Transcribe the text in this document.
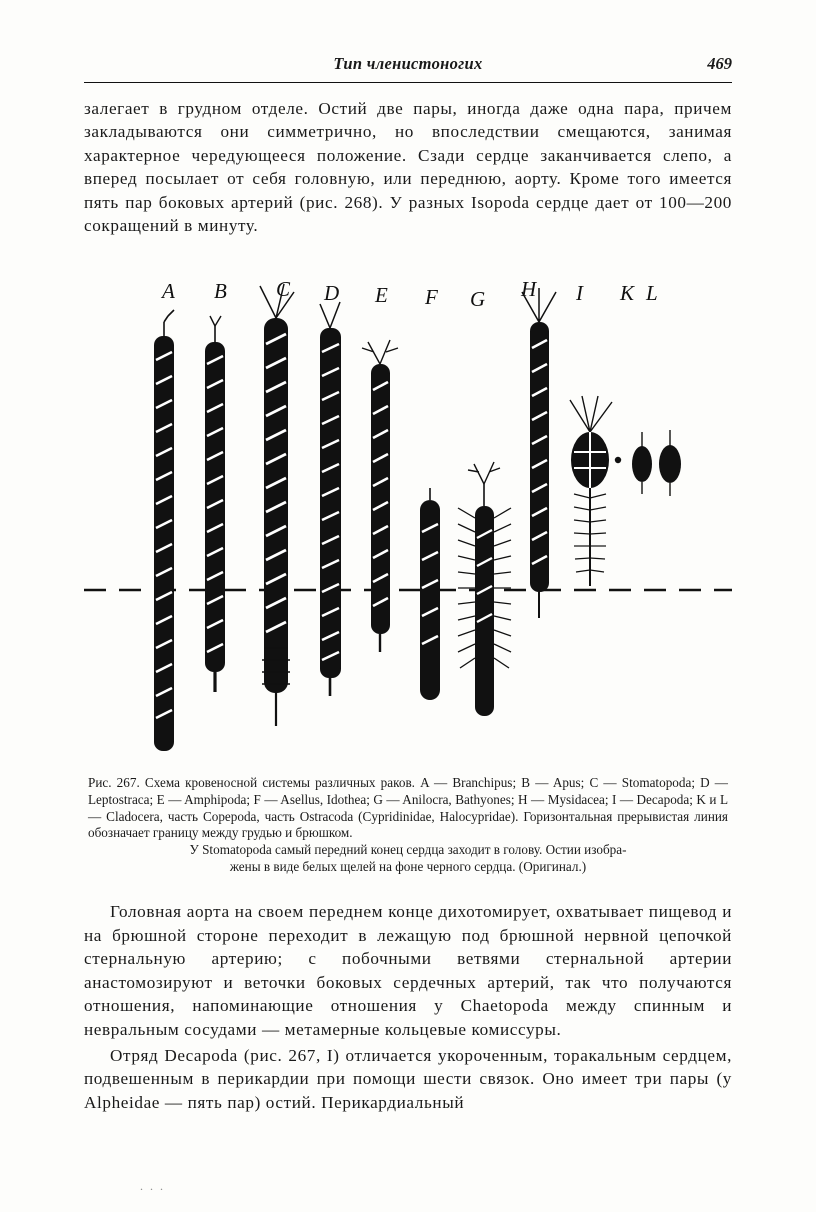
Тип членистоногих	469

залегает в грудном отделе. Остий две пары, иногда даже одна пара, причем закладываются они симметрично, но впоследствии смещаются, занимая характерное чередующееся положение. Сзади сердце заканчивается слепо, а вперед посылает от себя головную, или переднюю, аорту. Кроме того имеется пять пар боковых артерий (рис. 268). У разных Isopoda сердце дает от 100—200 сокращений в минуту.

A B C D E F G H I K L
Рис. 267. Схема кровеносной системы различных раков. A — Branchipus; B — Apus; C — Stomatopoda; D — Leptostraca; E — Amphipoda; F — Asellus, Idothea; G — Anilocra, Bathyones; H — Mysidacea; I — Decapoda; K и L — Cladocera, часть Copepoda, часть Ostracoda (Cypridinidae, Halocypridae). Горизонтальная прерывистая линия обозначает границу между грудью и брюшком.
У Stomatopoda самый передний конец сердца заходит в голову. Остии изобра-
жены в виде белых щелей на фоне черного сердца. (Оригинал.)

Головная аорта на своем переднем конце дихотомирует, охватывает пищевод и на брюшной стороне переходит в лежащую под брюшной нервной цепочкой стернальную артерию; с побочными ветвями стернальной артерии анастомозируют и веточки боковых сердечных артерий, так что получаются отношения, напоминающие отношения у Chaetopoda между спинным и невральным сосудами — метамерные кольцевые комиссуры.

Отряд Decapoda (рис. 267, I) отличается укороченным, торакальным сердцем, подвешенным в перикардии при помощи шести связок. Оно имеет три пары (у Alpheidae — пять пар) остий. Перикардиальный

. . .
